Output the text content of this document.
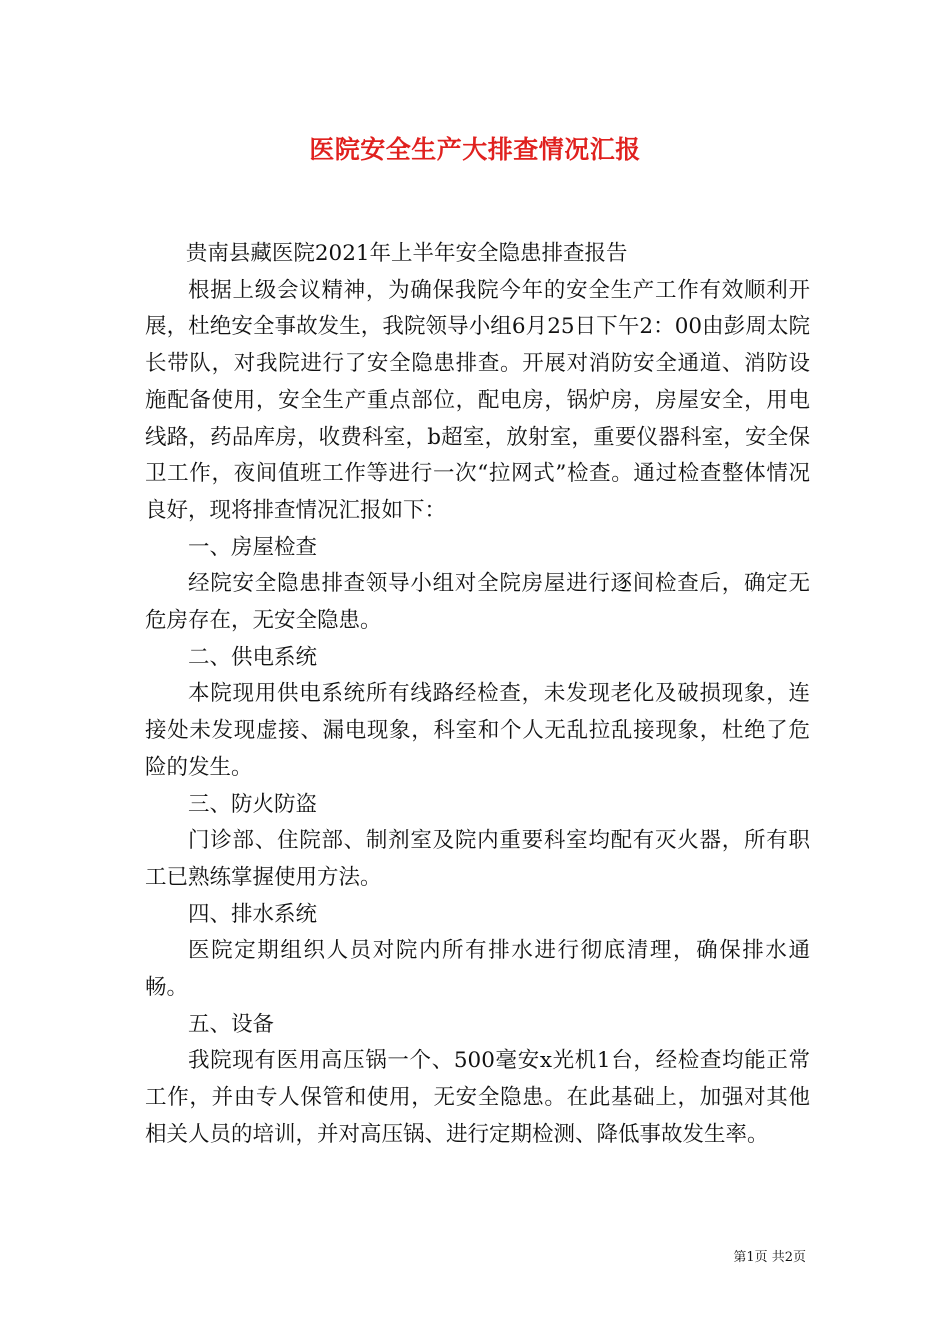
医院安全生产大排查情况汇报

贵南县藏医院2021年上半年安全隐患排查报告

根据上级会议精神，为确保我院今年的安全生产工作有效顺利开展，杜绝安全事故发生，我院领导小组6月25日下午2：00由彭周太院长带队，对我院进行了安全隐患排查。开展对消防安全通道、消防设施配备使用，安全生产重点部位，配电房，锅炉房，房屋安全，用电线路，药品库房，收费科室，b超室，放射室，重要仪器科室，安全保卫工作，夜间值班工作等进行一次“拉网式”检查。通过检查整体情况良好，现将排查情况汇报如下：

一、房屋检查

经院安全隐患排查领导小组对全院房屋进行逐间检查后，确定无危房存在，无安全隐患。

二、供电系统

本院现用供电系统所有线路经检查，未发现老化及破损现象，连接处未发现虚接、漏电现象，科室和个人无乱拉乱接现象，杜绝了危险的发生。

三、防火防盗

门诊部、住院部、制剂室及院内重要科室均配有灭火器，所有职工已熟练掌握使用方法。

四、排水系统

医院定期组织人员对院内所有排水进行彻底清理，确保排水通畅。

五、设备

我院现有医用高压锅一个、500毫安x光机1台，经检查均能正常工作，并由专人保管和使用，无安全隐患。在此基础上，加强对其他相关人员的培训，并对高压锅、进行定期检测、降低事故发生率。

第1页 共2页
